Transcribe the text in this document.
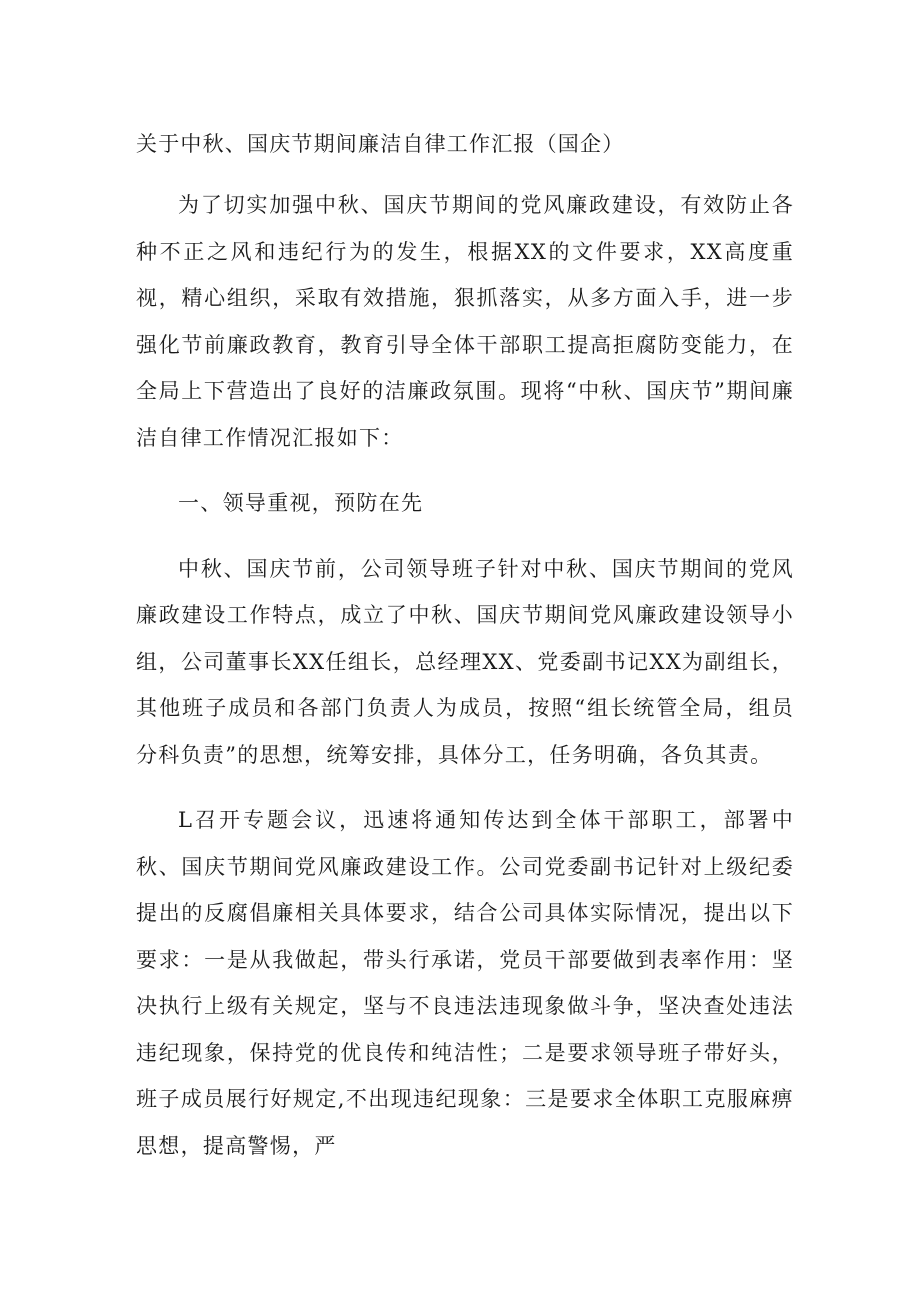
关于中秋、国庆节期间廉洁自律工作汇报（国企）

为了切实加强中秋、国庆节期间的党风廉政建设，有效防止各种不正之风和违纪行为的发生，根据XX的文件要求，XX高度重视，精心组织，采取有效措施，狠抓落实，从多方面入手，进一步强化节前廉政教育，教育引导全体干部职工提高拒腐防变能力，在全局上下营造出了良好的洁廉政氛围。现将“中秋、国庆节”期间廉洁自律工作情况汇报如下：

一、领导重视，预防在先

中秋、国庆节前，公司领导班子针对中秋、国庆节期间的党风廉政建设工作特点，成立了中秋、国庆节期间党风廉政建设领导小组，公司董事长XX任组长，总经理XX、党委副书记XX为副组长，其他班子成员和各部门负责人为成员，按照“组长统管全局，组员分科负责”的思想，统筹安排，具体分工，任务明确，各负其责。

L召开专题会议，迅速将通知传达到全体干部职工，部署中秋、国庆节期间党风廉政建设工作。公司党委副书记针对上级纪委提出的反腐倡廉相关具体要求，结合公司具体实际情况，提出以下要求：一是从我做起，带头行承诺，党员干部要做到表率作用：坚决执行上级有关规定，坚与不良违法违现象做斗争，坚决查处违法违纪现象，保持党的优良传和纯洁性；二是要求领导班子带好头，班子成员展行好规定,不出现违纪现象：三是要求全体职工克服麻痹思想，提高警惕，严
